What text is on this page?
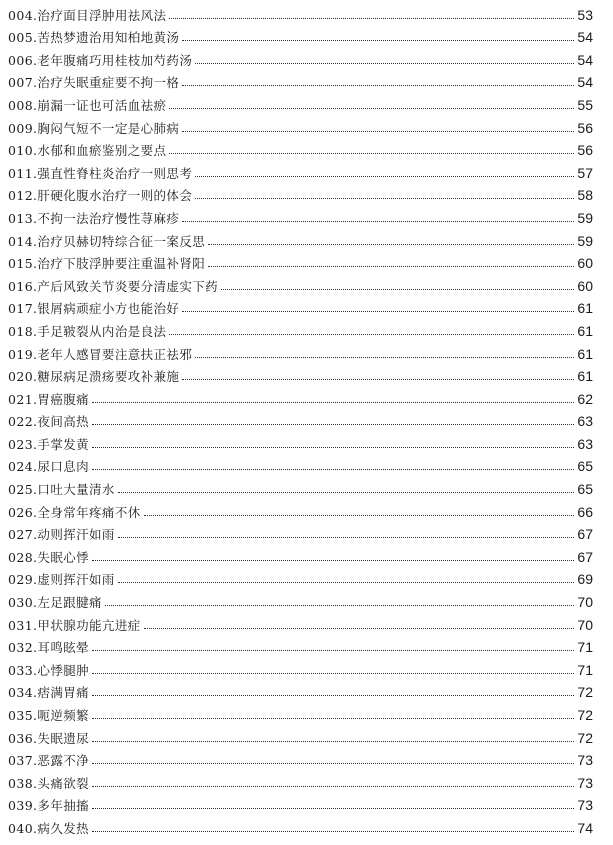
004.治疗面目浮肿用祛风法	53
005.苦热梦遗治用知柏地黄汤	54
006.老年腹痛巧用桂枝加芍药汤	54
007.治疗失眠重症要不拘一格	54
008.崩漏一证也可活血祛瘀	55
009.胸闷气短不一定是心肺病	56
010.水郁和血瘀鉴别之要点	56
011.强直性脊柱炎治疗一则思考	57
012.肝硬化腹水治疗一则的体会	58
013.不拘一法治疗慢性荨麻疹	59
014.治疗贝赫切特综合征一案反思	59
015.治疗下肢浮肿要注重温补肾阳	60
016.产后风致关节炎要分清虚实下药	60
017.银屑病顽症小方也能治好	61
018.手足皲裂从内治是良法	61
019.老年人感冒要注意扶正祛邪	61
020.糖尿病足溃疡要攻补兼施	61
021.胃癌腹痛	62
022.夜间高热	63
023.手掌发黄	63
024.尿口息肉	65
025.口吐大量清水	65
026.全身常年疼痛不休	66
027.动则挥汗如雨	67
028.失眠心悸	67
029.虚则挥汗如雨	69
030.左足跟腱痛	70
031.甲状腺功能亢进症	70
032.耳鸣眩晕	71
033.心悸腿肿	71
034.痞满胃痛	72
035.呃逆频繁	72
036.失眠遗尿	72
037.恶露不净	73
038.头痛欲裂	73
039.多年抽搐	73
040.病久发热	74
